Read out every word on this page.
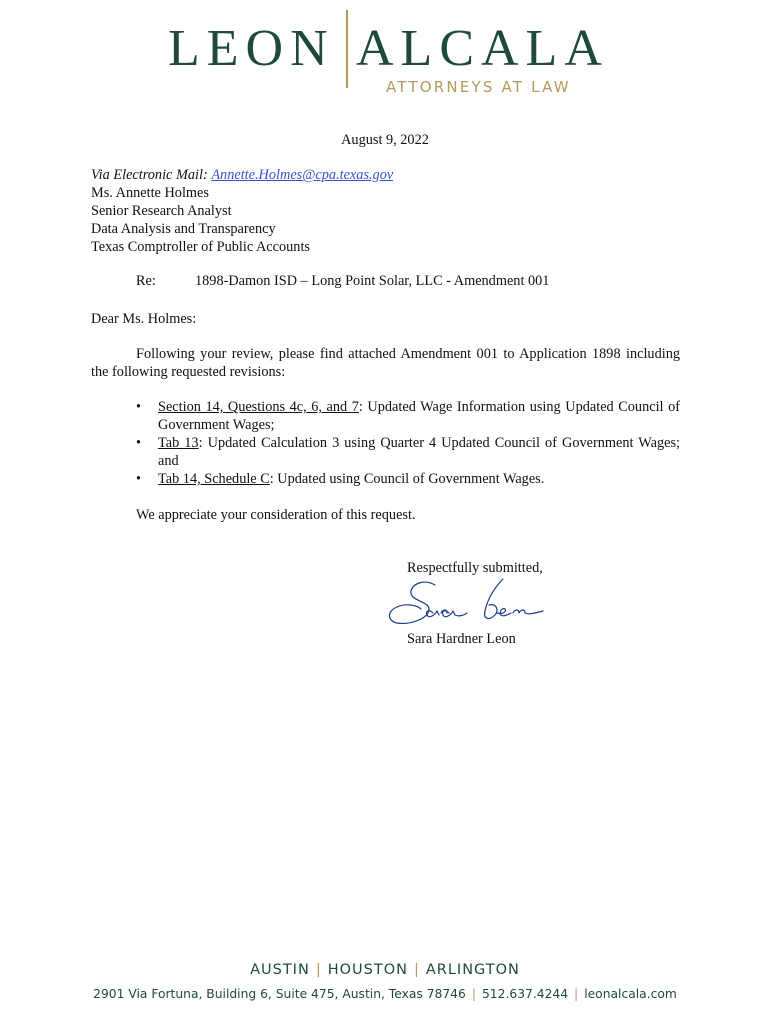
LEON ALCALA
ATTORNEYS AT LAW
August 9, 2022
Via Electronic Mail: Annette.Holmes@cpa.texas.gov
Ms. Annette Holmes
Senior Research Analyst
Data Analysis and Transparency
Texas Comptroller of Public Accounts
Re:	1898-Damon ISD – Long Point Solar, LLC - Amendment 001
Dear Ms. Holmes:
Following your review, please find attached Amendment 001 to Application 1898 including the following requested revisions:
• Section 14, Questions 4c, 6, and 7: Updated Wage Information using Updated Council of Government Wages;
• Tab 13: Updated Calculation 3 using Quarter 4 Updated Council of Government Wages; and
• Tab 14, Schedule C: Updated using Council of Government Wages.
We appreciate your consideration of this request.
Respectfully submitted,
Sara Hardner Leon
AUSTIN | HOUSTON | ARLINGTON
2901 Via Fortuna, Building 6, Suite 475, Austin, Texas 78746 | 512.637.4244 | leonalcala.com
